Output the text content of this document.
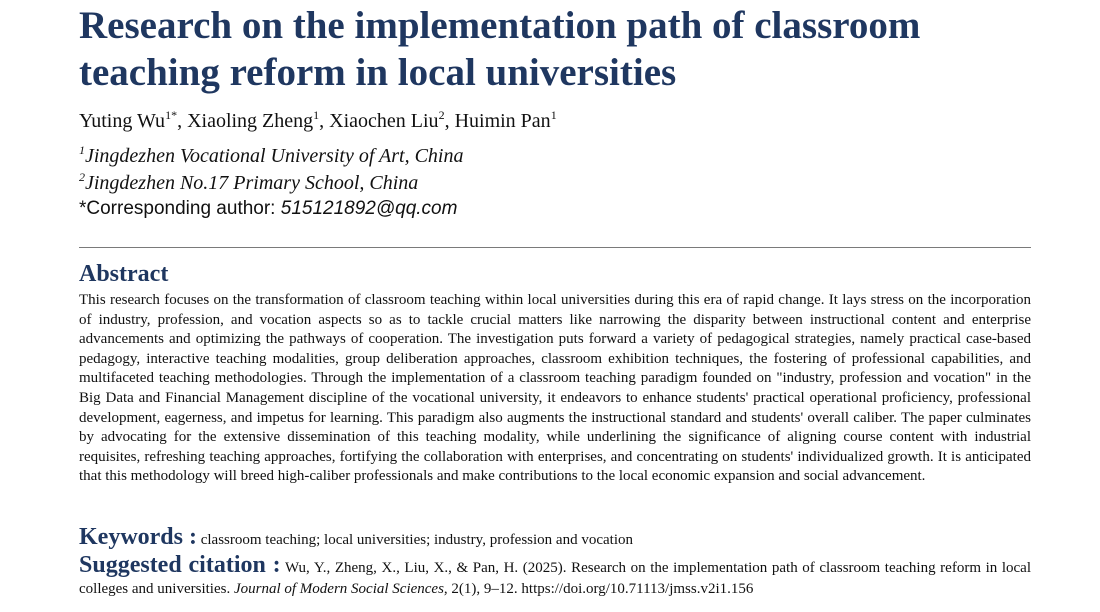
Research on the implementation path of classroom teaching reform in local universities
Yuting $Wu^{1*}$, Xiaoling Zheng$^1$, Xiaochen Liu$^2$, Huimin Pan$^1$
$^1$Jingdezhen Vocational University of Art, China
$^2$Jingdezhen No.17 Primary School, China
*Corresponding author: 515121892@qq.com
Abstract

This research focuses on the transformation of classroom teaching within local universities during this era of rapid change. It lays stress on the incorporation of industry, profession, and vocation aspects so as to tackle crucial matters like narrowing the disparity between instructional content and enterprise advancements and optimizing the pathways of cooperation. The investigation puts forward a variety of pedagogical strategies, namely practical case-based pedagogy, interactive teaching modalities, group deliberation approaches, classroom exhibition techniques, the fostering of professional capabilities, and multifaceted teaching methodologies. Through the implementation of a classroom teaching paradigm founded on "industry, profession and vocation" in the Big Data and Financial Management discipline of the vocational university, it endeavors to enhance students' practical operational proficiency, professional development, eagerness, and impetus for learning. This paradigm also augments the instructional standard and students' overall caliber. The paper culminates by advocating for the extensive dissemination of this teaching modality, while underlining the significance of aligning course content with industrial requisites, refreshing teaching approaches, fortifying the collaboration with enterprises, and concentrating on students' individualized growth. It is anticipated that this methodology will breed high-caliber professionals and make contributions to the local economic expansion and social advancement.

Keywords : classroom teaching; local universities; industry, profession and vocation
Suggested citation : Wu, Y., Zheng, X., Liu, X., & Pan, H. (2025). Research on the implementation path of classroom teaching reform in local colleges and universities. Journal of Modern Social Sciences, 2(1), 9–12. https://doi.org/10.71113/jmss.v2i1.156
